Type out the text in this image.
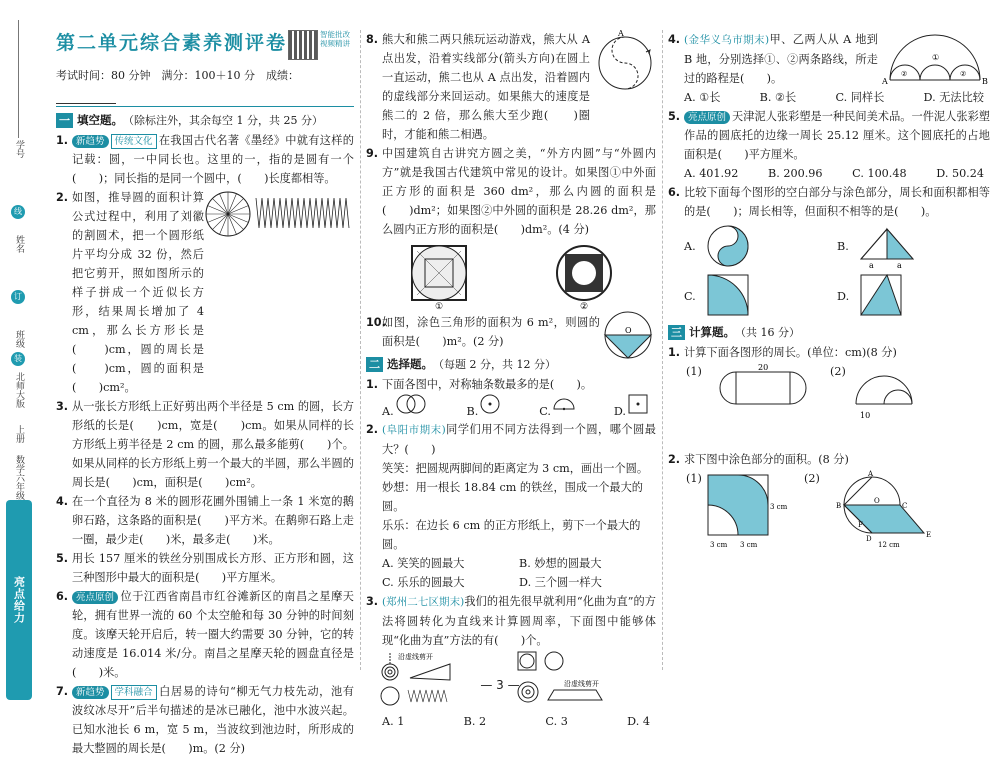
学号
线
姓名
订
班级
装
北师大版
上册
数学六年级
亮点给力
第二单元综合素养测评卷	智能批改 视频精讲
考试时间：80 分钟　满分：100＋10 分　成绩：
一 填空题。 （除标注外，其余每空 1 分，共 25 分）
1. 新趋势 传统文化 在我国古代名著《墨经》中就有这样的记载：圆，一中同长也。这里的一，指的是圆有一个(　　)；同长指的是同一个圆中，(　　)长度都相等。
2. 如图，推导圆的面积计算公式过程中，利用了刘徽的割圆术，把一个圆形纸片平均分成 32 份，然后把它剪开，照如图所示的样子拼成一个近似长方形，结果周长增加了 4 cm，那么长方形长是(　　)cm，圆的周长是(　　)cm，圆的面积是(　　)cm²。
3. 从一张长方形纸上正好剪出两个半径是 5 cm 的圆，长方形纸的长是(　　)cm，宽是(　　)cm。如果从同样的长方形纸上剪半径是 2 cm 的圆，那么最多能剪(　　)个。如果从同样的长方形纸上剪一个最大的半圆，那么半圆的周长是(　　)cm，面积是(　　)cm²。
4. 在一个直径为 8 米的圆形花圃外围铺上一条 1 米宽的鹅卵石路，这条路的面积是(　　)平方米。在鹅卵石路上走一圈，最少走(　　)米，最多走(　　)米。
5. 用长 157 厘米的铁丝分别围成长方形、正方形和圆，这三种图形中最大的面积是(　　)平方厘米。
6. 亮点原创 位于江西省南昌市红谷滩新区的南昌之星摩天轮，拥有世界一流的 60 个太空舱和每 30 分钟的时间刻度。该摩天轮开启后，转一圈大约需要 30 分钟，它的转动速度是 16.014 米/分。南昌之星摩天轮的圆盘直径是(　　)米。
7. 新趋势 学科融合 白居易的诗句“柳无气力枝先动，池有波纹冰尽开”后半句描述的是冰已融化，池中水波兴起。已知水池长 6 m，宽 5 m，当波纹到池边时，所形成的最大整圆的周长是(　　)m。(2 分)
8. 熊大和熊二两只熊玩运动游戏，熊大从 A 点出发，沿着实线部分(箭头方向)在圆上一直运动，熊二也从 A 点出发，沿着圆内的虚线部分来回运动。如果熊大的速度是熊二的 2 倍，那么熊大至少跑(　　)圈时，才能和熊二相遇。
A
9. 中国建筑自古讲究方圆之美，“外方内圆”与“外圆内方”就是我国古代建筑中常见的设计。如果图①中外面正方形的面积是 360 dm²，那么内圆的面积是(　　)dm²；如果图②中外圆的面积是 28.26 dm²，那么圆内正方形的面积是(　　)dm²。(4 分)
①	②
10.
如图，涂色三角形的面积为 6 m²，则圆的面积是(　　)m²。(2 分)
O
二 选择题。 （每题 2 分，共 12 分）
1. 下面各图中，对称轴条数最多的是(　　)。
A.	B.	C.	D.
2. (阜阳市期末)同学们用不同方法得到一个圆，哪个圆最大？(　　)
笑笑：把圆规两脚间的距离定为 3 cm，画出一个圆。
妙想：用一根长 18.84 cm 的铁丝，围成一个最大的圆。
乐乐：在边长 6 cm 的正方形纸上，剪下一个最大的圆。
A. 笑笑的圆最大	B. 妙想的圆最大
C. 乐乐的圆最大	D. 三个圆一样大
3. (郑州二七区期末)我们的祖先很早就利用“化曲为直”的方法将圆转化为直线来计算圆周率，下面图中能够体现“化曲为直”方法的有(　　)个。
沿虚线剪开
沿虚线剪开
A. 1	B. 2	C. 3	D. 4
4. (金华义乌市期末)甲、乙两人从 A 地到 B 地，分别选择①、②两条路线，所走过的路程是(　　)。	A	B
①
②	②
A. ①长	B. ②长	C. 同样长	D. 无法比较
5. 亮点原创 天津泥人张彩塑是一种民间美术品。一件泥人张彩塑作品的圆底托的边缘一周长 25.12 厘米。这个圆底托的占地面积是(　　)平方厘米。
A. 401.92	B. 200.96	C. 100.48	D. 50.24
6. 比较下面每个图形的空白部分与涂色部分，周长和面积都相等的是(　　)；周长相等，但面积不相等的是(　　)。
A.	B.
a	a
C.	D.
三 计算题。 （共 16 分）
1. 计算下面各图形的周长。(单位：cm)(8 分)
(1)	20	(2)
10
2. 求下图中涂色部分的面积。(8 分)
(1)
3 cm
3 cm 3 cm
(2)	A
B	C
D	E
F
O
12 cm
— 3 —
